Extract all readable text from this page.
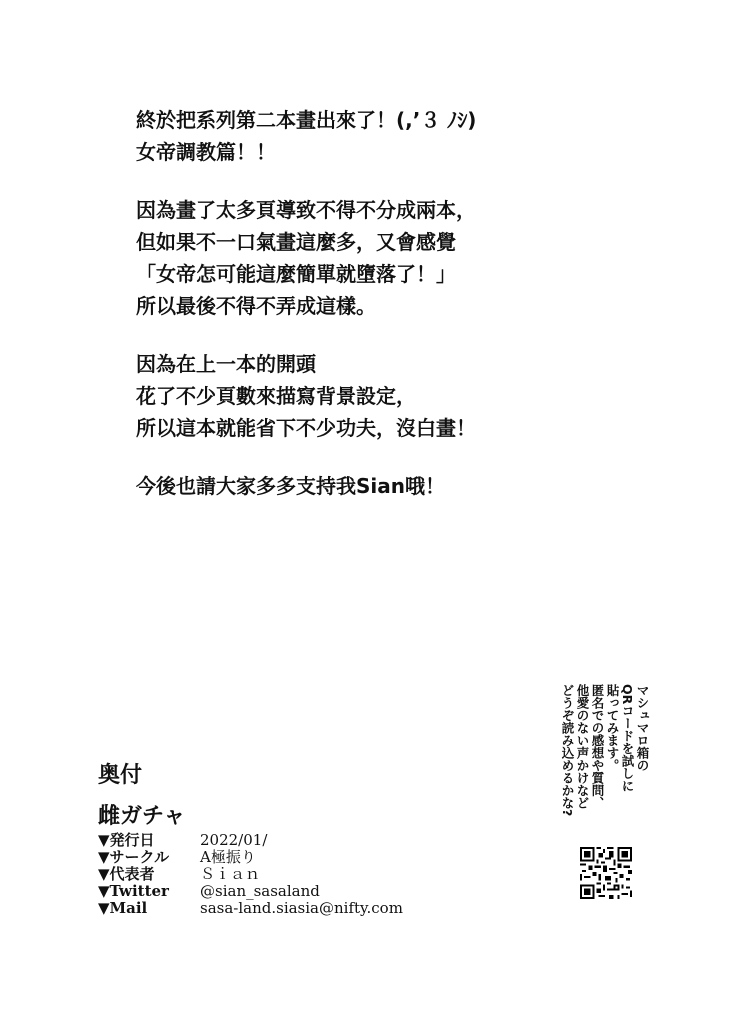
終於把系列第二本畫出來了！(,’３ ﾉｼ)
女帝調教篇！！
因為畫了太多頁導致不得不分成兩本，
但如果不一口氣畫這麼多，又會感覺
「女帝怎可能這麼簡單就墮落了！」
所以最後不得不弄成這樣。
因為在上一本的開頭
花了不少頁數來描寫背景設定，
所以這本就能省下不少功夫，沒白畫！
今後也請大家多多支持我Sian哦！
マシュマロ箱の
QRコードを試しに
貼ってみます。
匿名での感想や質問、
他愛のない声かけなど
どうぞ読み込めるかな?
奥付
雌ガチャ
▼発行日	2022/01/
▼サークル	A極振り
▼代表者	Ｓｉａｎ
▼Twitter	@sian_sasaland
▼Mail	sasa-land.siasia@nifty.com
